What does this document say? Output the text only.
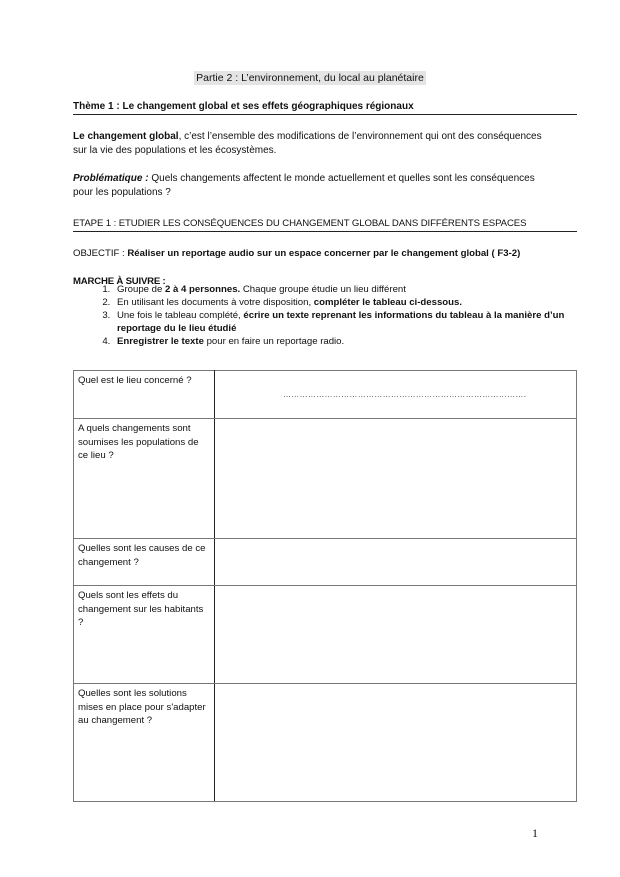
Partie 2 : L’environnement, du local au planétaire
Thème 1 : Le changement global et ses effets géographiques régionaux
Le changement global, c’est l’ensemble des modifications de l’environnement qui ont des conséquences sur la vie des populations et les écosystèmes.
Problématique : Quels changements affectent le monde actuellement et quelles sont les conséquences pour les populations ?
ETAPE 1 : ETUDIER LES CONSÉQUENCES DU CHANGEMENT GLOBAL DANS DIFFÉRENTS ESPACES
OBJECTIF : Réaliser un reportage audio sur un espace concerner par le changement global ( F3-2)
MARCHE À SUIVRE :
1. Groupe de 2 à 4 personnes. Chaque groupe étudie un lieu différent
2. En utilisant les documents à votre disposition, compléter le tableau ci-dessous.
3. Une fois le tableau complété, écrire un texte reprenant les informations du tableau à la manière d’un reportage du le lieu étudié
4. Enregistrer le texte pour en faire un reportage radio.
Quel est le lieu concerné ?	…………………………………………………………………………….

A quels changements sont soumises les populations de ce lieu ?	
Quelles sont les causes de ce changement ?	
Quels sont les effets du changement sur les habitants ?	
Quelles sont les solutions mises en place pour s'adapter au changement ?	
1
